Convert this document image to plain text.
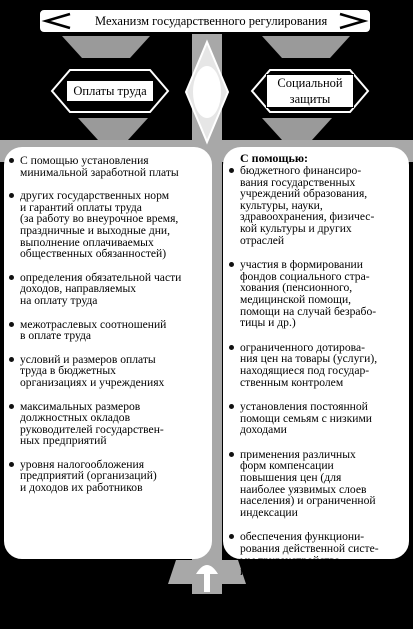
Механизм государственного регулирования
Оплаты труда
Социальной
защиты
С помощью установления
минимальной заработной платы
других государственных норм
и гарантий оплаты труда
(за работу во внеурочное время,
праздничные и выходные дни,
выполнение оплачиваемых
общественных обязанностей)
определения обязательной части
доходов, направляемых
на оплату труда
межотраслевых соотношений
в оплате труда
условий и размеров оплаты
труда в бюджетных
организациях и учреждениях
максимальных размеров
должностных окладов
руководителей государствен-
ных предприятий
уровня налогообложения
предприятий (организаций)
и доходов их работников
С помощью:
бюджетного финансиро-
вания государственных
учреждений образования,
культуры, науки,
здравоохранения, физичес-
кой культуры и других
отраслей
участия в формировании
фондов социального стра-
хования (пенсионного,
медицинской помощи,
помощи на случай безрабо-
тицы и др.)
ограниченного дотирова-
ния цен на товары (услуги),
находящиеся под государ-
ственным контролем
установления постоянной
помощи семьям с низкими
доходами
применения различных
форм компенсации
повышения цен (для
наиболее уязвимых слоев
населения) и ограниченной
индексации
обеспечения функциони-
рования действенной систе-
мы трудоустройства
и помощи по безработице
